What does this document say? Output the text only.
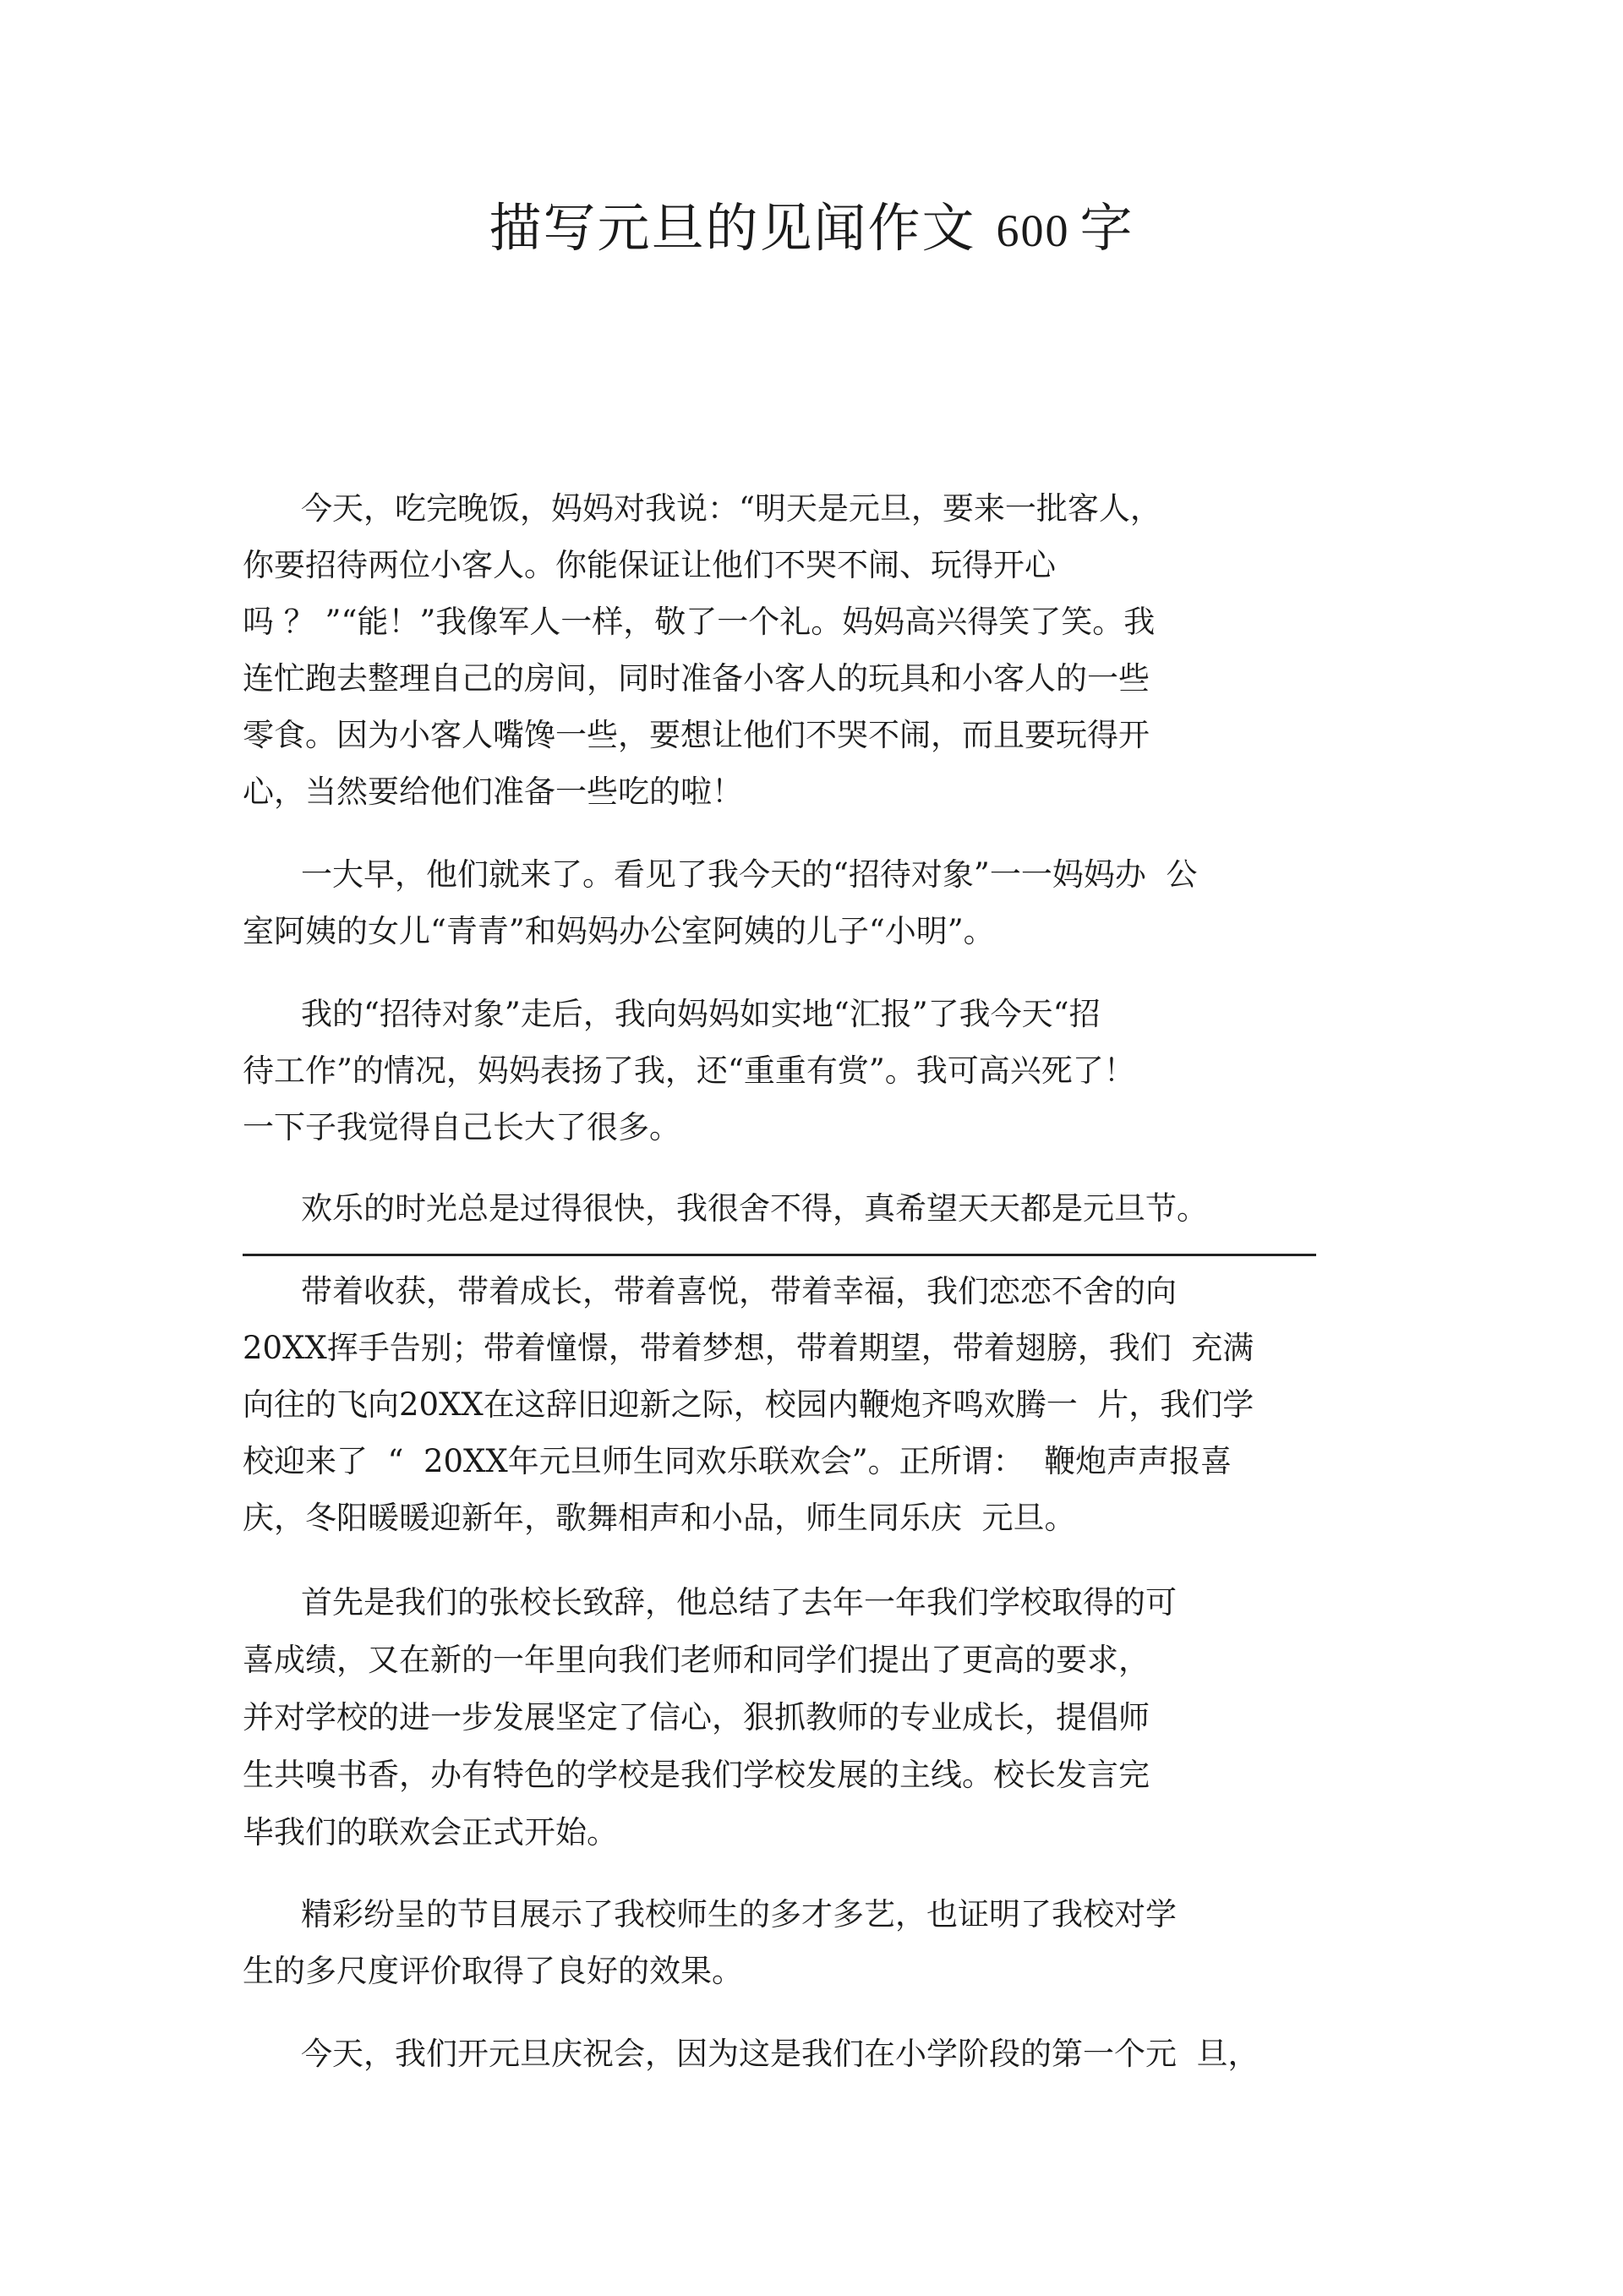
描写元旦的见闻作文 600 字

今天，吃完晚饭，妈妈对我说：“明天是元旦，要来一批客人，

你要招待两位小客人。你能保证让他们不哭不闹、玩得开心

吗 ？ ”“能！”我像军人一样，敬了一个礼。妈妈高兴得笑了笑。我

连忙跑去整理自己的房间，同时准备小客人的玩具和小客人的一些

零食。因为小客人嘴馋一些，要想让他们不哭不闹，而且要玩得开

心，当然要给他们准备一些吃的啦！

一大早，他们就来了。看见了我今天的“招待对象”一一妈妈办  公

室阿姨的女儿“青青”和妈妈办公室阿姨的儿子“小明”。

我的“招待对象”走后，我向妈妈如实地“汇报”了我今天“招

待工作”的情况，妈妈表扬了我，还“重重有赏”。我可高兴死了！

一下子我觉得自己长大了很多。

欢乐的时光总是过得很快，我很舍不得，真希望天天都是元旦节。

带着收获，带着成长，带着喜悦，带着幸福，我们恋恋不舍的向

20XX挥手告别；带着憧憬，带着梦想，带着期望，带着翅膀，我们  充满

向往的飞向20XX在这辞旧迎新之际，校园内鞭炮齐鸣欢腾一  片，我们学

校迎来了  “  20XX年元旦师生同欢乐联欢会”。正所谓：  鞭炮声声报喜

庆，冬阳暖暖迎新年，歌舞相声和小品，师生同乐庆  元旦。

首先是我们的张校长致辞，他总结了去年一年我们学校取得的可

喜成绩，又在新的一年里向我们老师和同学们提出了更高的要求，

并对学校的进一步发展坚定了信心，狠抓教师的专业成长，提倡师

生共嗅书香，办有特色的学校是我们学校发展的主线。校长发言完

毕我们的联欢会正式开始。

精彩纷呈的节目展示了我校师生的多才多艺，也证明了我校对学

生的多尺度评价取得了良好的效果。

今天，我们开元旦庆祝会，因为这是我们在小学阶段的第一个元  旦，
